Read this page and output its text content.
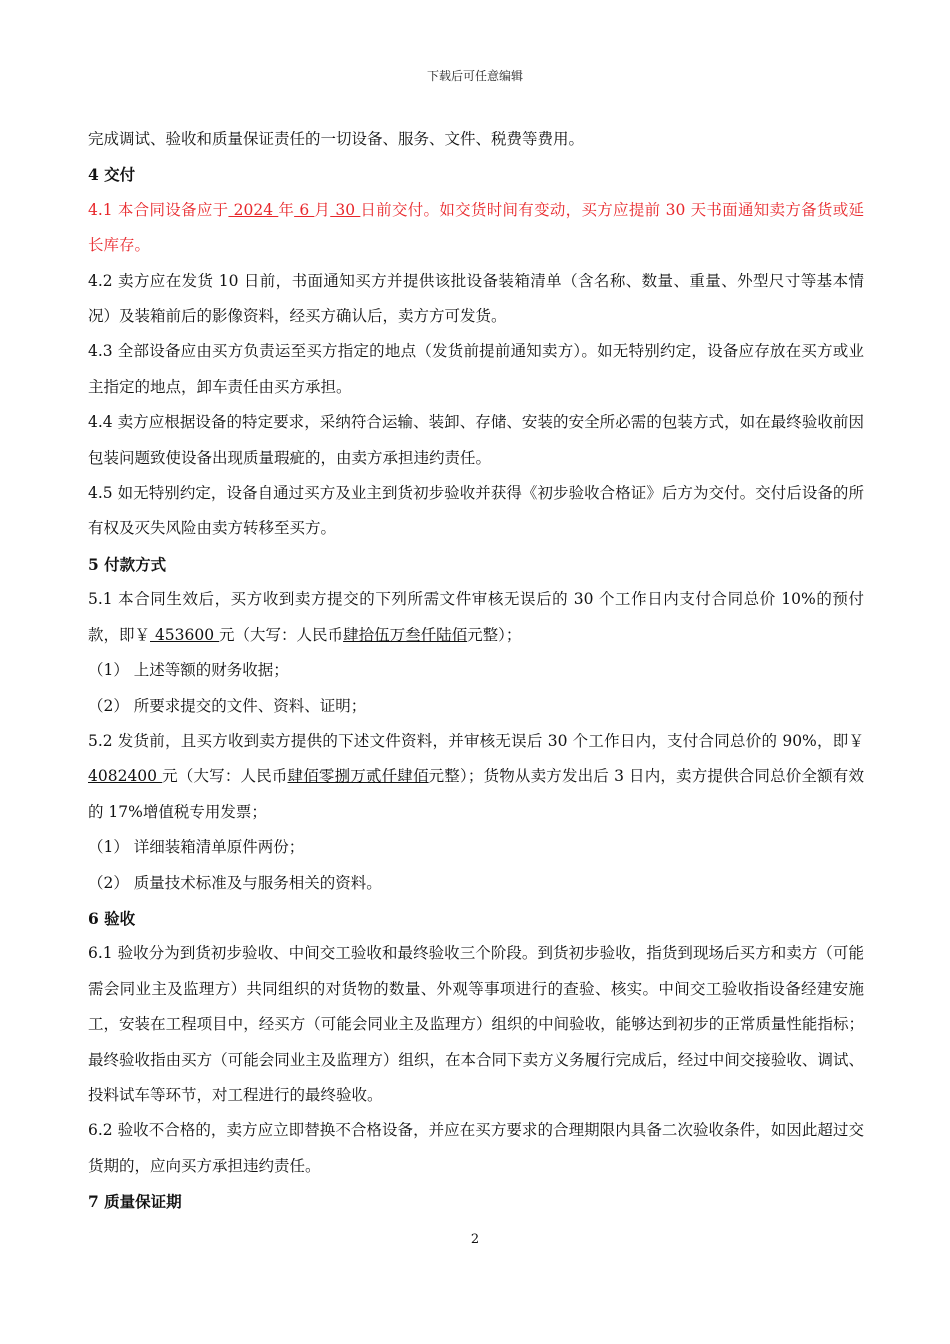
下载后可任意编辑

完成调试、验收和质量保证责任的一切设备、服务、文件、税费等费用。

4 交付

4.1 本合同设备应于 2024 年 6 月 30 日前交付。如交货时间有变动，买方应提前 30 天书面通知卖方备货或延长库存。

4.2 卖方应在发货 10 日前，书面通知买方并提供该批设备装箱清单（含名称、数量、重量、外型尺寸等基本情况）及装箱前后的影像资料，经买方确认后，卖方方可发货。

4.3 全部设备应由买方负责运至买方指定的地点（发货前提前通知卖方）。如无特别约定，设备应存放在买方或业主指定的地点，卸车责任由买方承担。

4.4 卖方应根据设备的特定要求，采纳符合运输、装卸、存储、安装的安全所必需的包装方式，如在最终验收前因包装问题致使设备出现质量瑕疵的，由卖方承担违约责任。

4.5 如无特别约定，设备自通过买方及业主到货初步验收并获得《初步验收合格证》后方为交付。交付后设备的所有权及灭失风险由卖方转移至买方。

5 付款方式

5.1 本合同生效后，买方收到卖方提交的下列所需文件审核无误后的 30 个工作日内支付合同总价 10%的预付款，即￥ 453600 元（大写：人民币肆拾伍万叁仟陆佰元整）；

（1） 上述等额的财务收据；

（2） 所要求提交的文件、资料、证明；

5.2 发货前，且买方收到卖方提供的下述文件资料，并审核无误后 30 个工作日内，支付合同总价的 90%，即￥ 4082400 元（大写：人民币肆佰零捌万贰仟肆佰元整）；货物从卖方发出后 3 日内，卖方提供合同总价全额有效的 17%增值税专用发票；

（1） 详细装箱清单原件两份；

（2） 质量技术标准及与服务相关的资料。

6 验收

6.1 验收分为到货初步验收、中间交工验收和最终验收三个阶段。到货初步验收，指货到现场后买方和卖方（可能需会同业主及监理方）共同组织的对货物的数量、外观等事项进行的查验、核实。中间交工验收指设备经建安施工，安装在工程项目中，经买方（可能会同业主及监理方）组织的中间验收，能够达到初步的正常质量性能指标；最终验收指由买方（可能会同业主及监理方）组织，在本合同下卖方义务履行完成后，经过中间交接验收、调试、投料试车等环节，对工程进行的最终验收。

6.2 验收不合格的，卖方应立即替换不合格设备，并应在买方要求的合理期限内具备二次验收条件，如因此超过交货期的，应向买方承担违约责任。

7 质量保证期

2
